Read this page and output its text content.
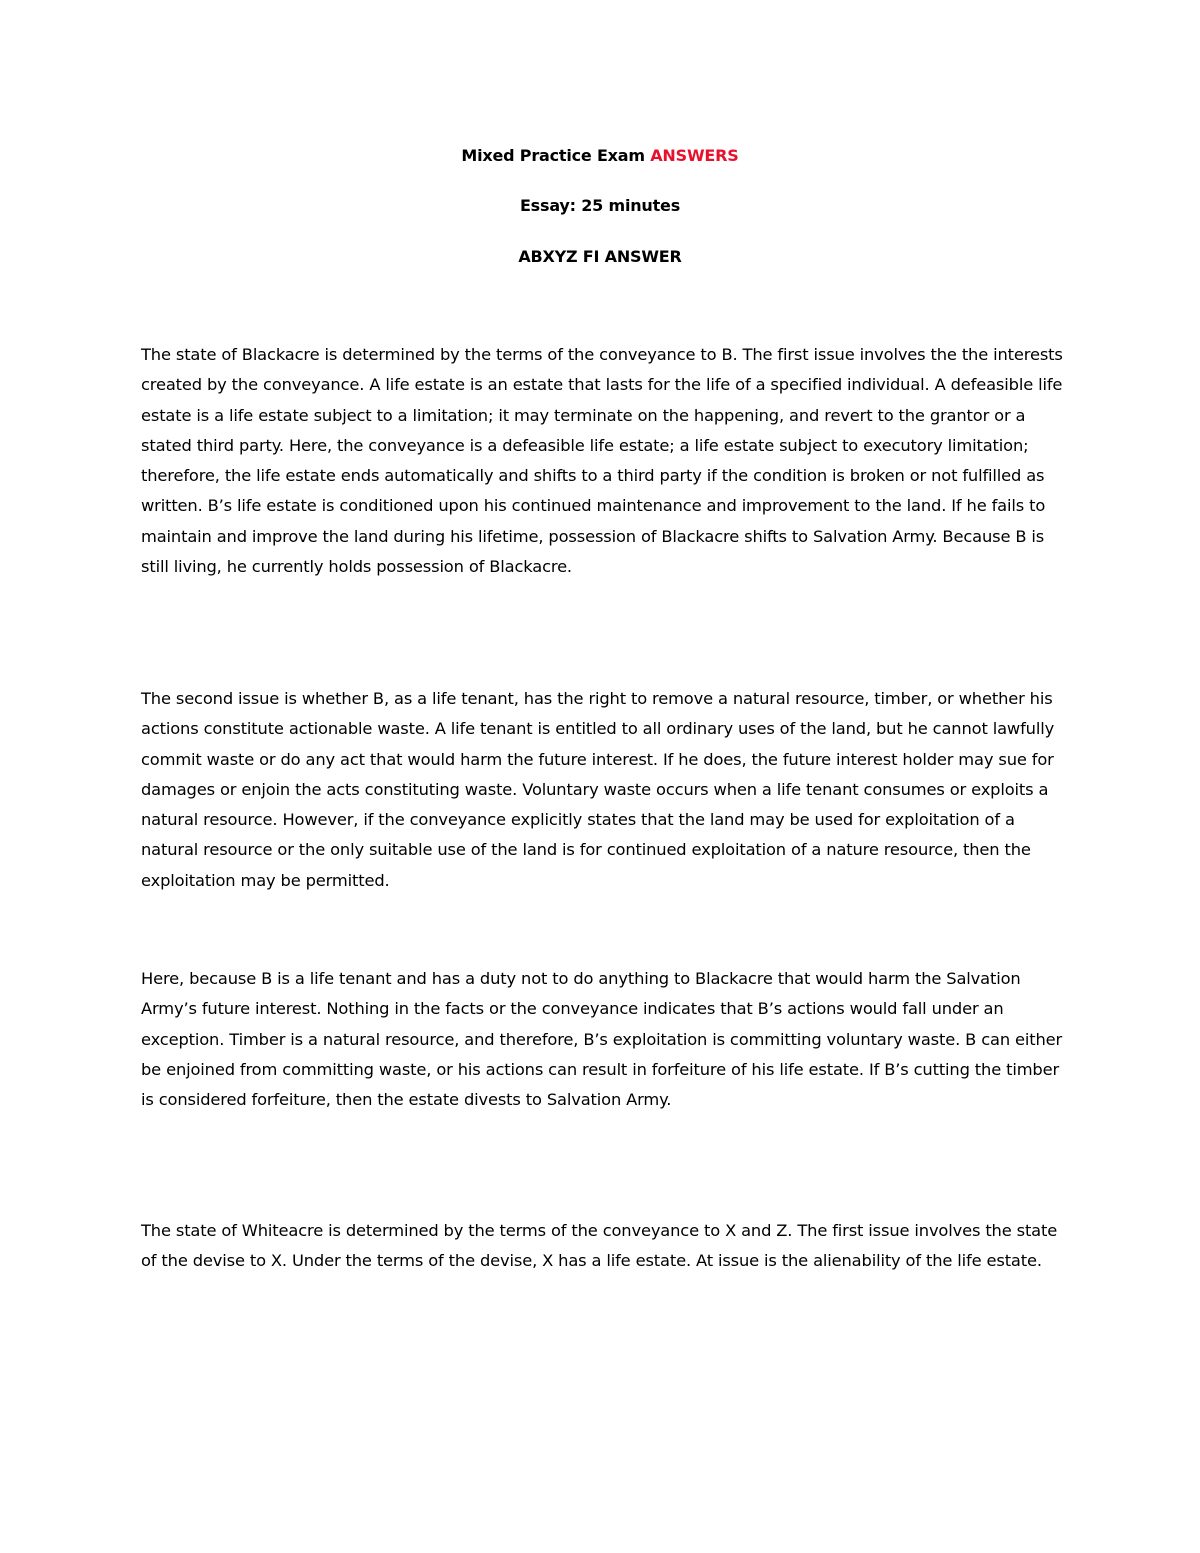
Mixed Practice Exam ANSWERS
Essay: 25 minutes
ABXYZ FI ANSWER

The state of Blackacre is determined by the terms of the conveyance to B. The first issue involves the the interests created by the conveyance. A life estate is an estate that lasts for the life of a specified individual. A defeasible life estate is a life estate subject to a limitation; it may terminate on the happening, and revert to the grantor or a stated third party. Here, the conveyance is a defeasible life estate; a life estate subject to executory limitation; therefore, the life estate ends automatically and shifts to a third party if the condition is broken or not fulfilled as written. B’s life estate is conditioned upon his continued maintenance and improvement to the land. If he fails to maintain and improve the land during his lifetime, possession of Blackacre shifts to Salvation Army. Because B is still living, he currently holds possession of Blackacre.

The second issue is whether B, as a life tenant, has the right to remove a natural resource, timber, or whether his actions constitute actionable waste. A life tenant is entitled to all ordinary uses of the land, but he cannot lawfully commit waste or do any act that would harm the future interest. If he does, the future interest holder may sue for damages or enjoin the acts constituting waste. Voluntary waste occurs when a life tenant consumes or exploits a natural resource. However, if the conveyance explicitly states that the land may be used for exploitation of a natural resource or the only suitable use of the land is for continued exploitation of a nature resource, then the exploitation may be permitted.

Here, because B is a life tenant and has a duty not to do anything to Blackacre that would harm the Salvation Army’s future interest. Nothing in the facts or the conveyance indicates that B’s actions would fall under an exception. Timber is a natural resource, and therefore, B’s exploitation is committing voluntary waste. B can either be enjoined from committing waste, or his actions can result in forfeiture of his life estate. If B’s cutting the timber is considered forfeiture, then the estate divests to Salvation Army.

The state of Whiteacre is determined by the terms of the conveyance to X and Z. The first issue involves the state of the devise to X. Under the terms of the devise, X has a life estate. At issue is the alienability of the life estate.
